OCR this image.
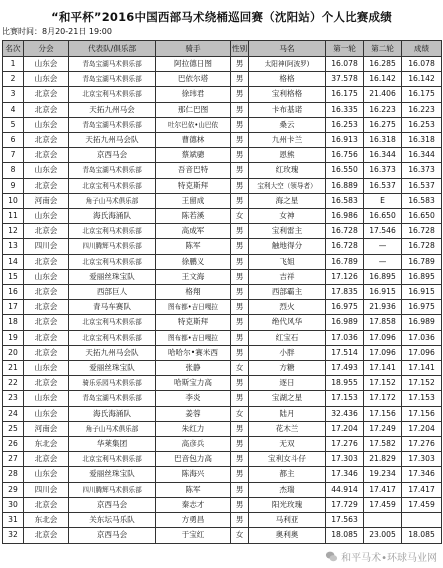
“和平杯”2016中国西部马术绕桶巡回赛（沈阳站）个人比赛成绩
比赛时间：8月20-21日 19:00
名次	分会	代表队/俱乐部	骑手	性别	马名	第一轮	第二轮	成绩
1	山东会	青岛宝湖马术俱乐部	阿拉德日图	男	太阳神(阿波罗)	16.078	16.285	16.078
2	山东会	青岛宝湖马术俱乐部	巴依尔塔	男	格格	37.578	16.142	16.142
3	北京会	北京宝利马术俱乐部	徐玮君	男	宝利格格	16.175	21.406	16.175
4	北京会	天拓九州马会	那仁巴图	男	卡布基诺	16.335	16.223	16.223
5	山东会	青岛宝湖马术俱乐部	吐尔巴依•山巴依	男	桑云	16.253	16.275	16.253
6	北京会	天拓九州马会队	曹德林	男	九州卡兰	16.913	16.318	16.318
7	北京会	京西马会	蔡斌骢	男	恩熊	16.756	16.344	16.344
8	山东会	青岛宝湖马术俱乐部	吾音巴特	男	红玫瑰	16.550	16.373	16.373
9	北京会	北京宝利马术俱乐部	特克斯拜	男	宝利大空（领导者）	16.889	16.537	16.537
10	河南会	角子山马术俱乐部	王留成	男	海之星	16.583	E	16.583
11	山东会	海氏海涌队	陈若溪	女	女神	16.986	16.650	16.650
12	北京会	北京宝利马术俱乐部	高成军	男	宝利雷主	16.728	17.546	16.728
13	四川会	四川腾辉马术俱乐部	陈军	男	触地得分	16.728	—	16.728
14	北京会	北京宝利马术俱乐部	徐鹏义	男	飞姐	16.789	—	16.789
15	山东会	爱丽丝珠宝队	王文海	男	吉祥	17.126	16.895	16.895
16	北京会	西部巨人	格翔	男	西部霸主	17.835	16.915	16.915
17	北京会	青马车赛队	图布都•吉日嘎拉	男	烈火	16.975	21.936	16.975
18	北京会	北京宝利马术俱乐部	特克斯拜	男	绝代风华	16.989	17.858	16.989
19	北京会	北京宝利马术俱乐部	图布都•吉日嘎拉	男	红宝石	17.036	17.096	17.036
20	北京会	天拓九州马会队	哈哈尔•赛米西	男	小胖	17.514	17.096	17.096
21	山东会	爱丽丝珠宝队	张静	女	方糖	17.493	17.141	17.141
22	北京会	骑乐乐园马术俱乐部	哈斯宝力高	男	逐日	18.955	17.152	17.152
23	山东会	青岛宝湖马术俱乐部	李炎	男	宝湖之星	17.153	17.172	17.153
24	山东会	海氏海涌队	姜蓉	女	陆月	32.436	17.156	17.156
25	河南会	角子山马术俱乐部	朱红力	男	花木兰	17.204	17.249	17.204
26	东北会	华莱集团	高彦兵	男	无双	17.276	17.582	17.276
27	北京会	北京宝利马术俱乐部	巴音包力高	男	宝利女斗仔	17.303	21.829	17.303
28	山东会	爱丽丝珠宝队	陈海兴	男	都主	17.346	19.234	17.346
29	四川会	四川腾辉马术俱乐部	陈军	男	杰瑞	44.914	17.417	17.417
30	北京会	京西马会	秦志才	男	阳光玫瑰	17.729	17.459	17.459
31	东北会	关东坛马乐队	方勇昌	男	马利亚	17.563		
32	北京会	京西马会	于宝红	女	奥利奥	18.085	23.005	18.085
和平马术•环球马业网
